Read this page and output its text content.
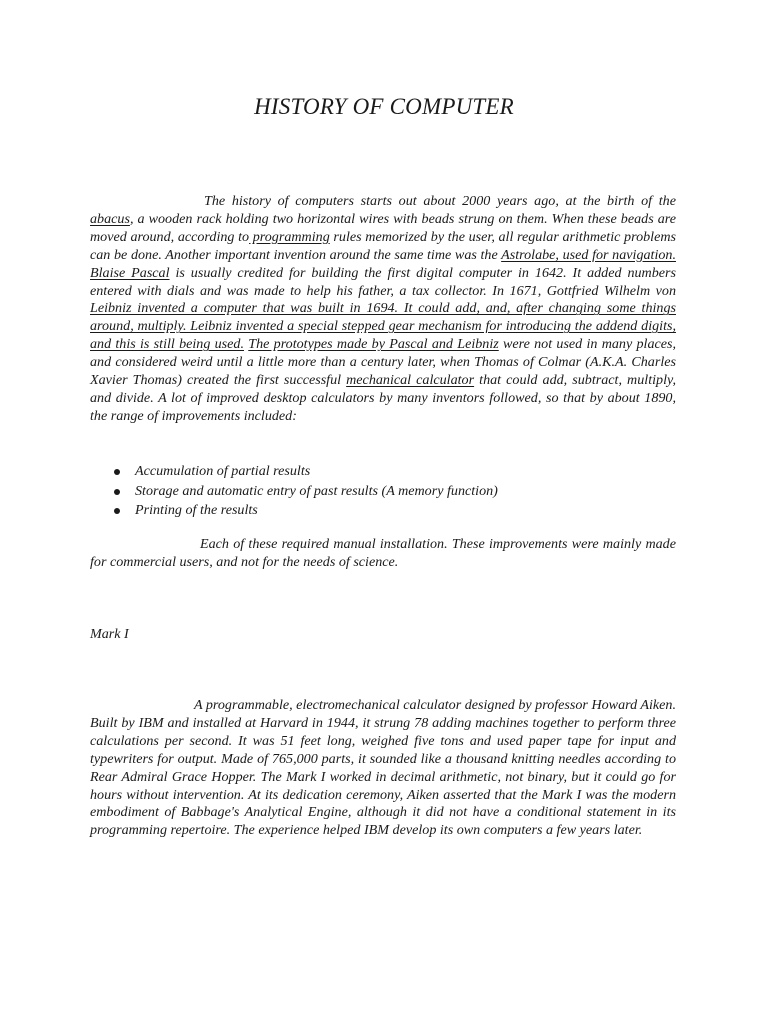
HISTORY OF COMPUTER

The history of computers starts out about 2000 years ago, at the birth of the abacus, a wooden rack holding two horizontal wires with beads strung on them. When these beads are moved around, according to programming rules memorized by the user, all regular arithmetic problems can be done. Another important invention around the same time was the Astrolabe, used for navigation. Blaise Pascal is usually credited for building the first digital computer in 1642. It added numbers entered with dials and was made to help his father, a tax collector. In 1671, Gottfried Wilhelm von Leibniz invented a computer that was built in 1694. It could add, and, after changing some things around, multiply. Leibniz invented a special stepped gear mechanism for introducing the addend digits, and this is still being used. The prototypes made by Pascal and Leibniz were not used in many places, and considered weird until a little more than a century later, when Thomas of Colmar (A.K.A. Charles Xavier Thomas) created the first successful mechanical calculator that could add, subtract, multiply, and divide. A lot of improved desktop calculators by many inventors followed, so that by about 1890, the range of improvements included:

Accumulation of partial results
Storage and automatic entry of past results (A memory function)
Printing of the results

Each of these required manual installation. These improvements were mainly made for commercial users, and not for the needs of science.

Mark I

A programmable, electromechanical calculator designed by professor Howard Aiken. Built by IBM and installed at Harvard in 1944, it strung 78 adding machines together to perform three calculations per second. It was 51 feet long, weighed five tons and used paper tape for input and typewriters for output. Made of 765,000 parts, it sounded like a thousand knitting needles according to Rear Admiral Grace Hopper. The Mark I worked in decimal arithmetic, not binary, but it could go for hours without intervention. At its dedication ceremony, Aiken asserted that the Mark I was the modern embodiment of Babbage's Analytical Engine, although it did not have a conditional statement in its programming repertoire. The experience helped IBM develop its own computers a few years later.
